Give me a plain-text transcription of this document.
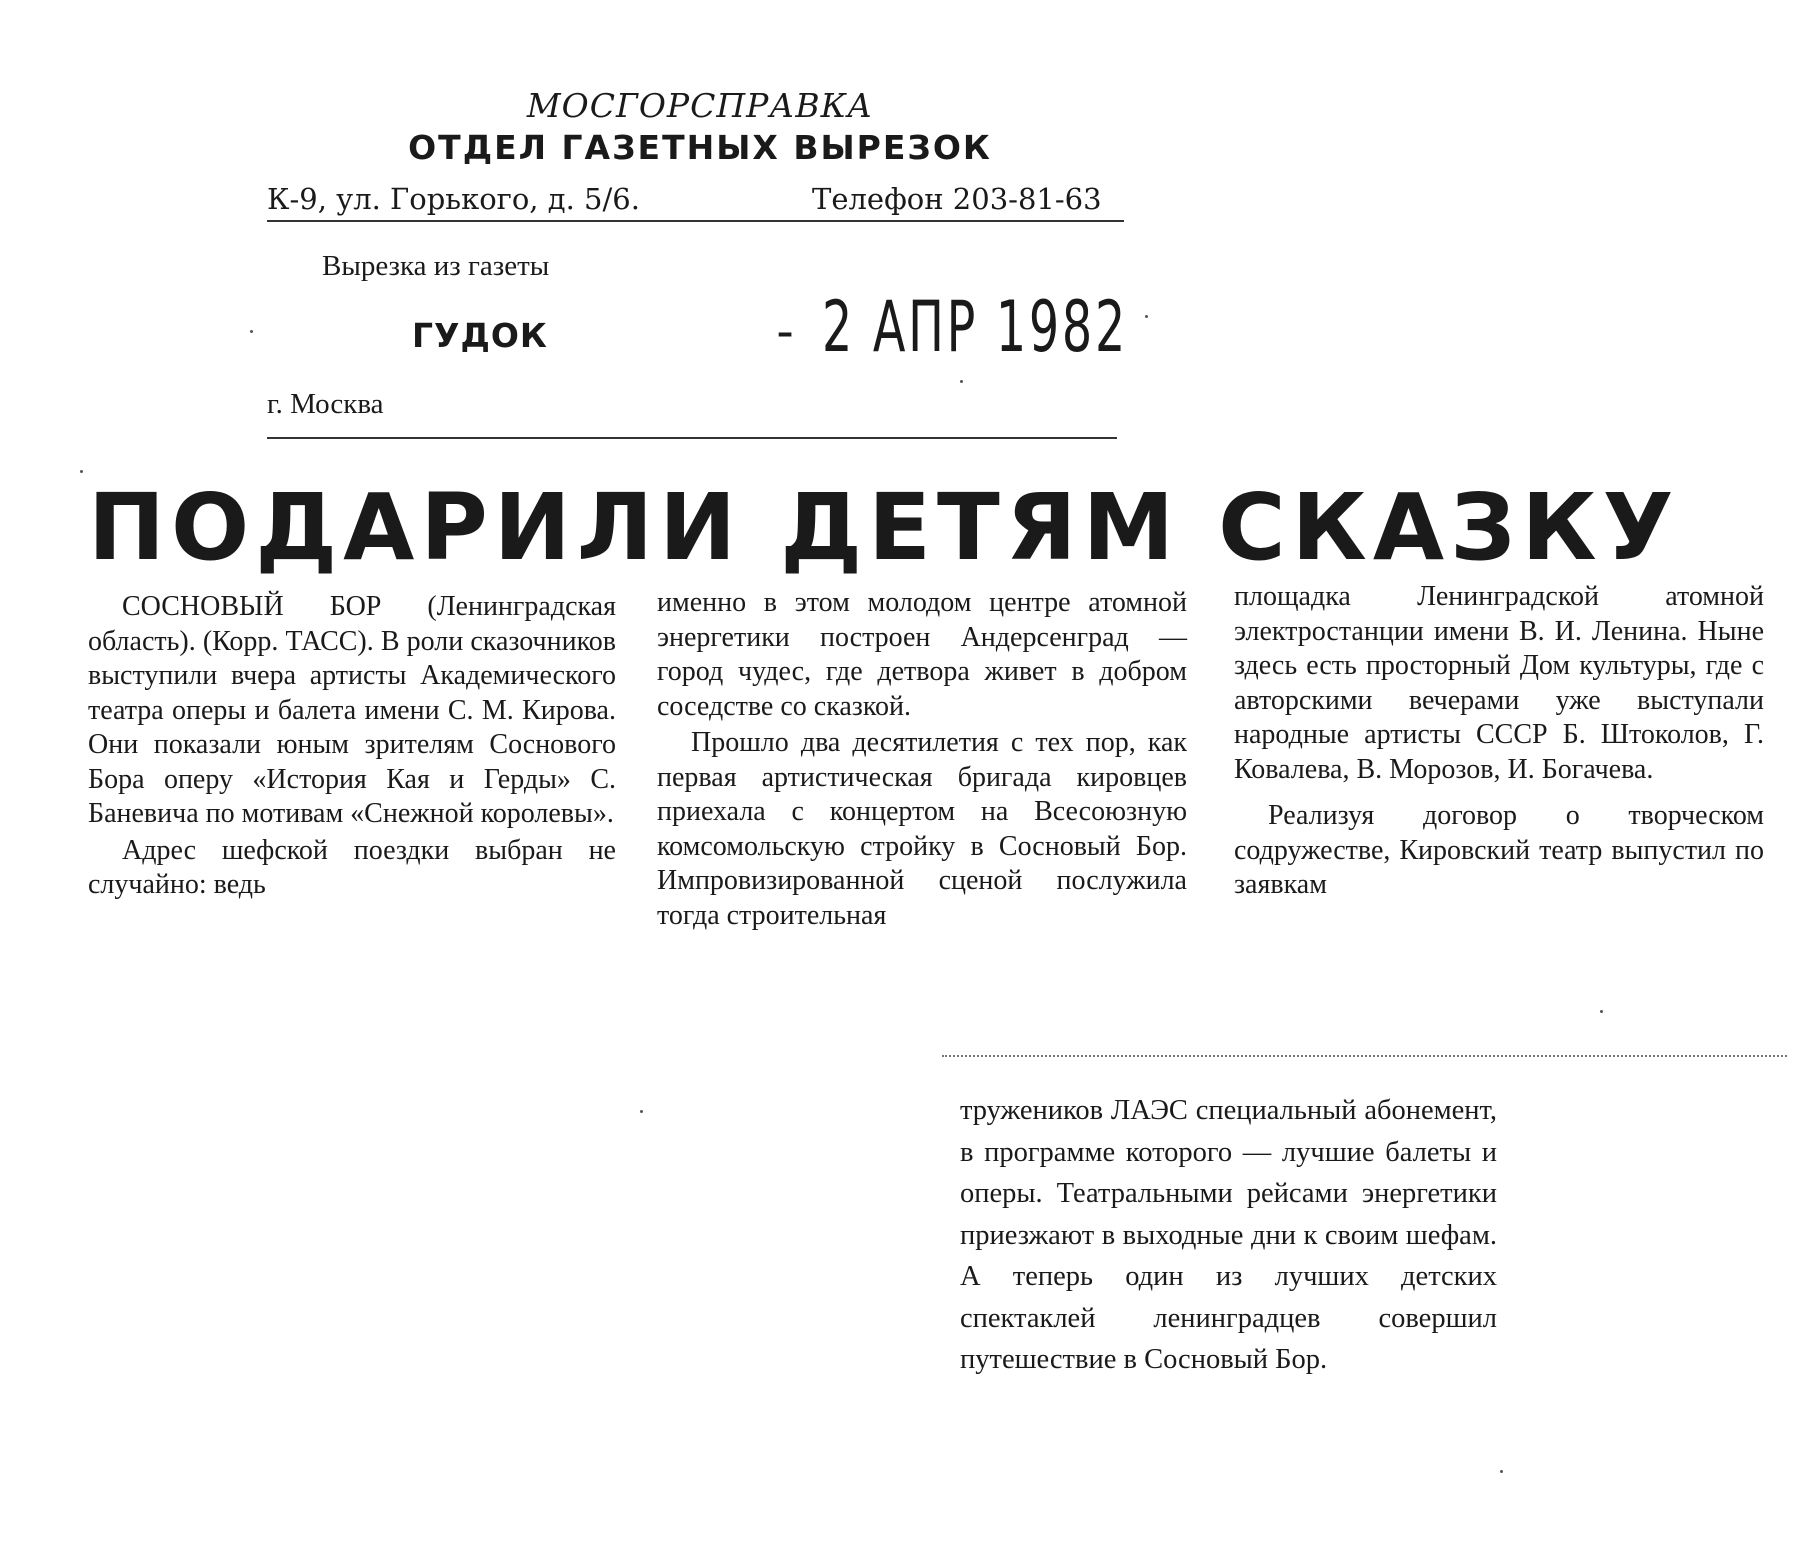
МОСГОРСПРАВКА
ОТДЕЛ ГАЗЕТНЫХ ВЫРЕЗОК
К-9, ул. Горького, д. 5/6.	Телефон 203-81-63
Вырезка из газеты
ГУДОК	- 2 АПР 1982
г. Москва
ПОДАРИЛИ ДЕТЯМ СКАЗКУ

СОСНОВЫЙ БОР (Ленинградская область). (Корр. ТАСС). В роли сказочников выступили вчера артисты Академического театра оперы и балета имени С. М. Кирова. Они показали юным зрителям Соснового Бора оперу «История Кая и Герды» С. Баневича по мотивам «Снежной королевы».

Адрес шефской поездки выбран не случайно: ведь

именно в этом молодом центре атомной энергетики построен Андерсенград — город чудес, где детвора живет в добром соседстве со сказкой.

Прошло два десятилетия с тех пор, как первая артистическая бригада кировцев приехала с концертом на Всесоюзную комсомольскую стройку в Сосновый Бор. Импровизированной сценой послужила тогда строительная

площадка Ленинградской атомной электростанции имени В. И. Ленина. Ныне здесь есть просторный Дом культуры, где с авторскими вечерами уже выступали народные артисты СССР Б. Штоколов, Г. Ковалева, В. Морозов, И. Богачева.

Реализуя договор о творческом содружестве, Кировский театр выпустил по заявкам

тружеников ЛАЭС специальный абонемент, в программе которого — лучшие балеты и оперы. Театральными рейсами энергетики приезжают в выходные дни к своим шефам. А теперь один из лучших детских спектаклей ленинградцев совершил путешествие в Сосновый Бор.
